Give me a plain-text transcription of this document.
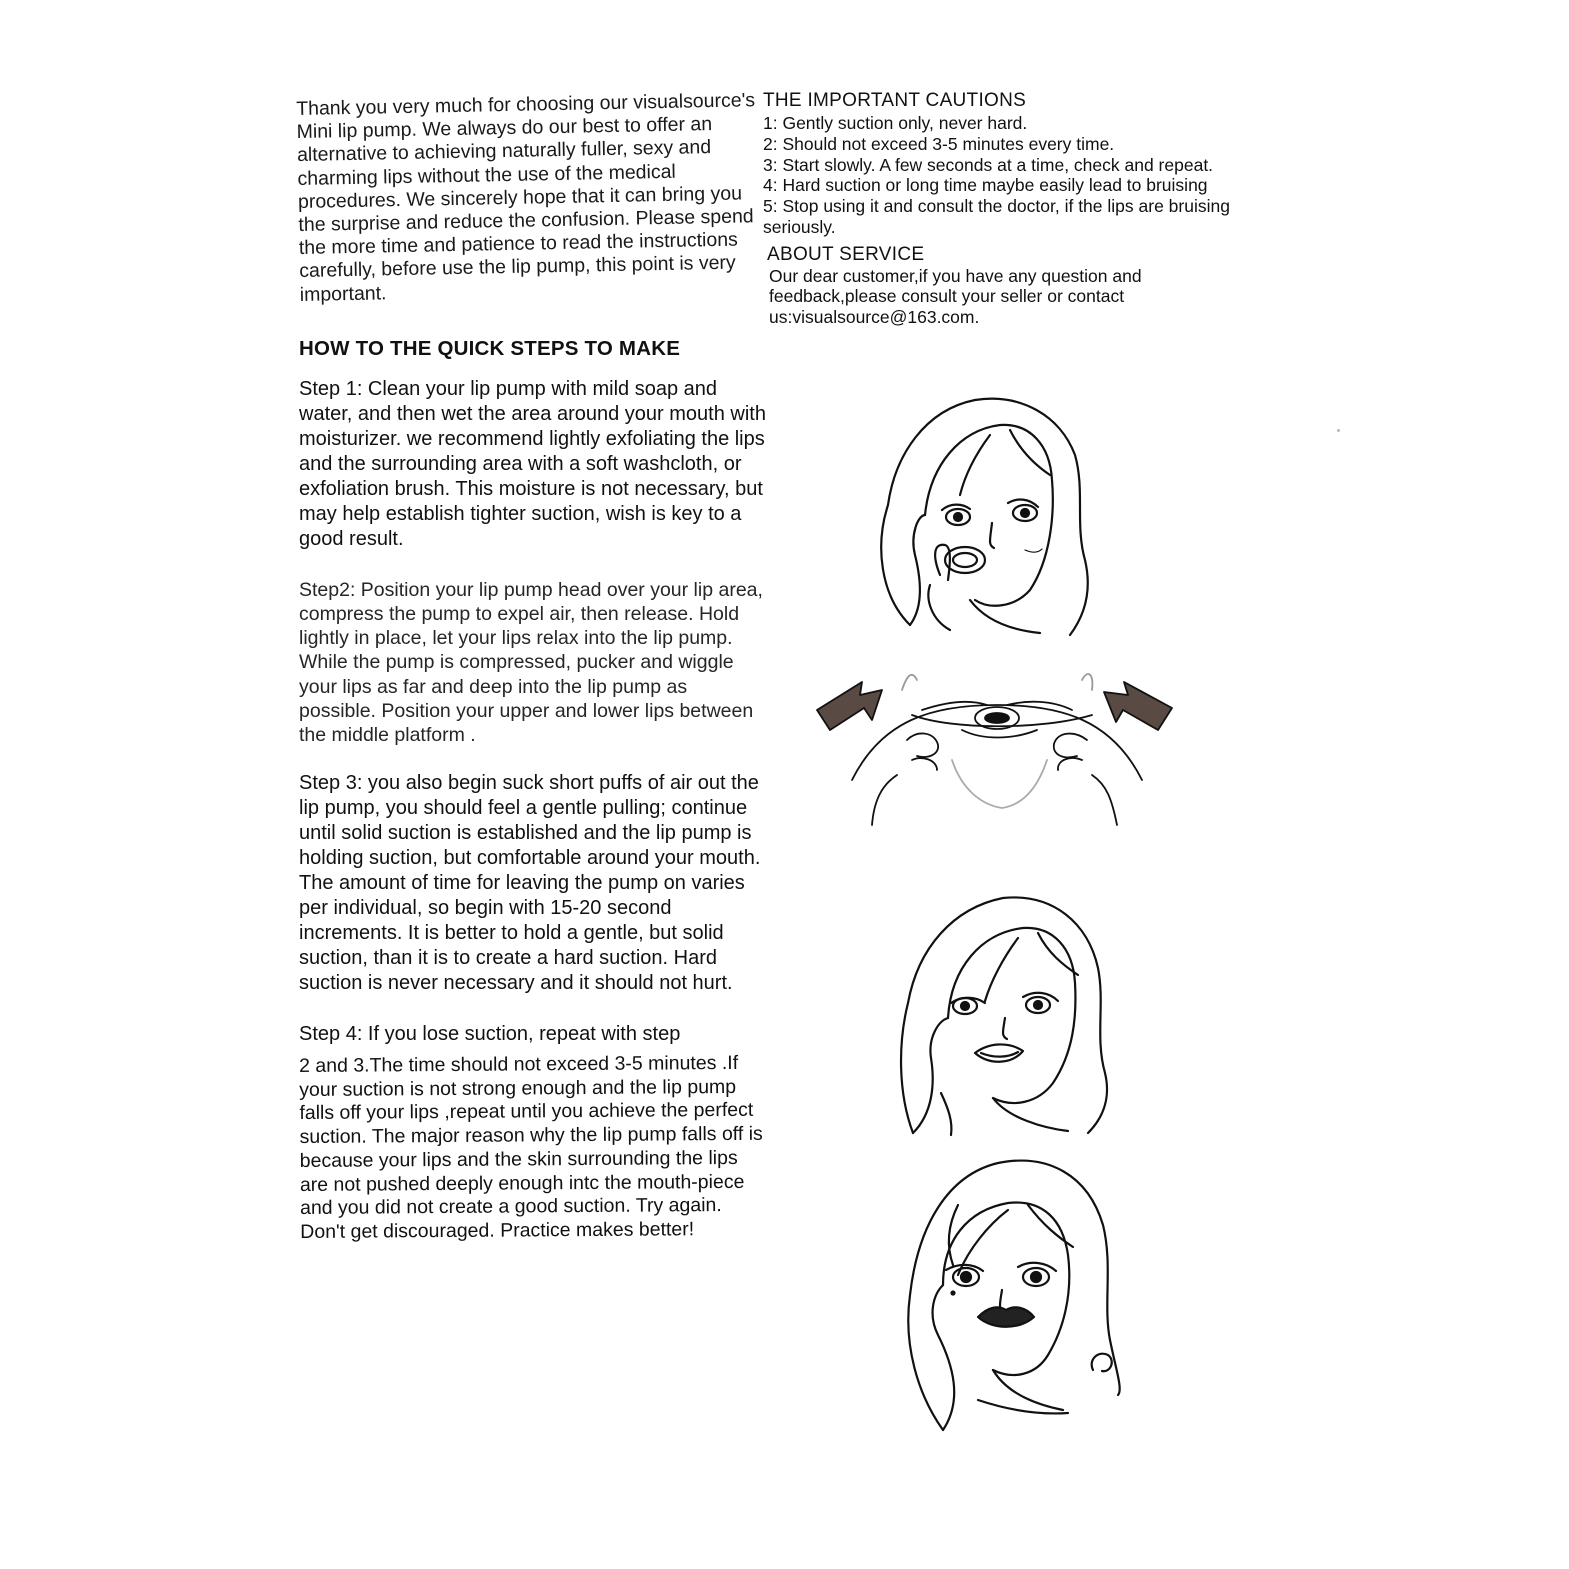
Thank you very much for choosing our visualsource's Mini lip pump. We always do our best to offer an alternative to achieving naturally fuller, sexy and charming lips without the use of the medical procedures. We sincerely hope that it can bring you the surprise and reduce the confusion. Please spend the more time and patience to read the instructions carefully, before use the lip pump, this point is very important.

HOW TO THE QUICK STEPS TO MAKE

Step 1: Clean your lip pump with mild soap and water, and then wet the area around your mouth with moisturizer. we recommend lightly exfoliating the lips and the surrounding area with a soft washcloth, or exfoliation brush. This moisture is not necessary, but may help establish tighter suction, wish is key to a good result.

Step2: Position your lip pump head over your lip area, compress the pump to expel air, then release. Hold lightly in place, let your lips relax into the lip pump. While the pump is compressed, pucker and wiggle your lips as far and deep into the lip pump as possible. Position your upper and lower lips between the middle platform .

Step 3: you also begin suck short puffs of air out the lip pump, you should feel a gentle pulling; continue until solid suction is established and the lip pump is holding suction, but comfortable around your mouth. The amount of time for leaving the pump on varies per individual, so begin with 15-20 second increments. It is better to hold a gentle, but solid suction, than it is to create a hard suction. Hard suction is never necessary and it should not hurt.

Step 4: If you lose suction, repeat with step

2 and 3.The time should not exceed 3-5 minutes .If your suction is not strong enough and the lip pump falls off your lips ,repeat until you achieve the perfect suction. The major reason why the lip pump falls off is because your lips and the skin surrounding the lips are not pushed deeply enough intc the mouth-piece and you did not create a good suction. Try again. Don't get discouraged. Practice makes better!

THE IMPORTANT CAUTIONS
1: Gently suction only, never hard.
2: Should not exceed 3-5 minutes every time.
3: Start slowly. A few seconds at a time, check and repeat.
4: Hard suction or long time maybe easily lead to bruising
5: Stop using it and consult the doctor, if the lips are bruising seriously.
ABOUT SERVICE

Our dear customer,if you have any question and feedback,please consult your seller or contact us:visualsource@163.com.
